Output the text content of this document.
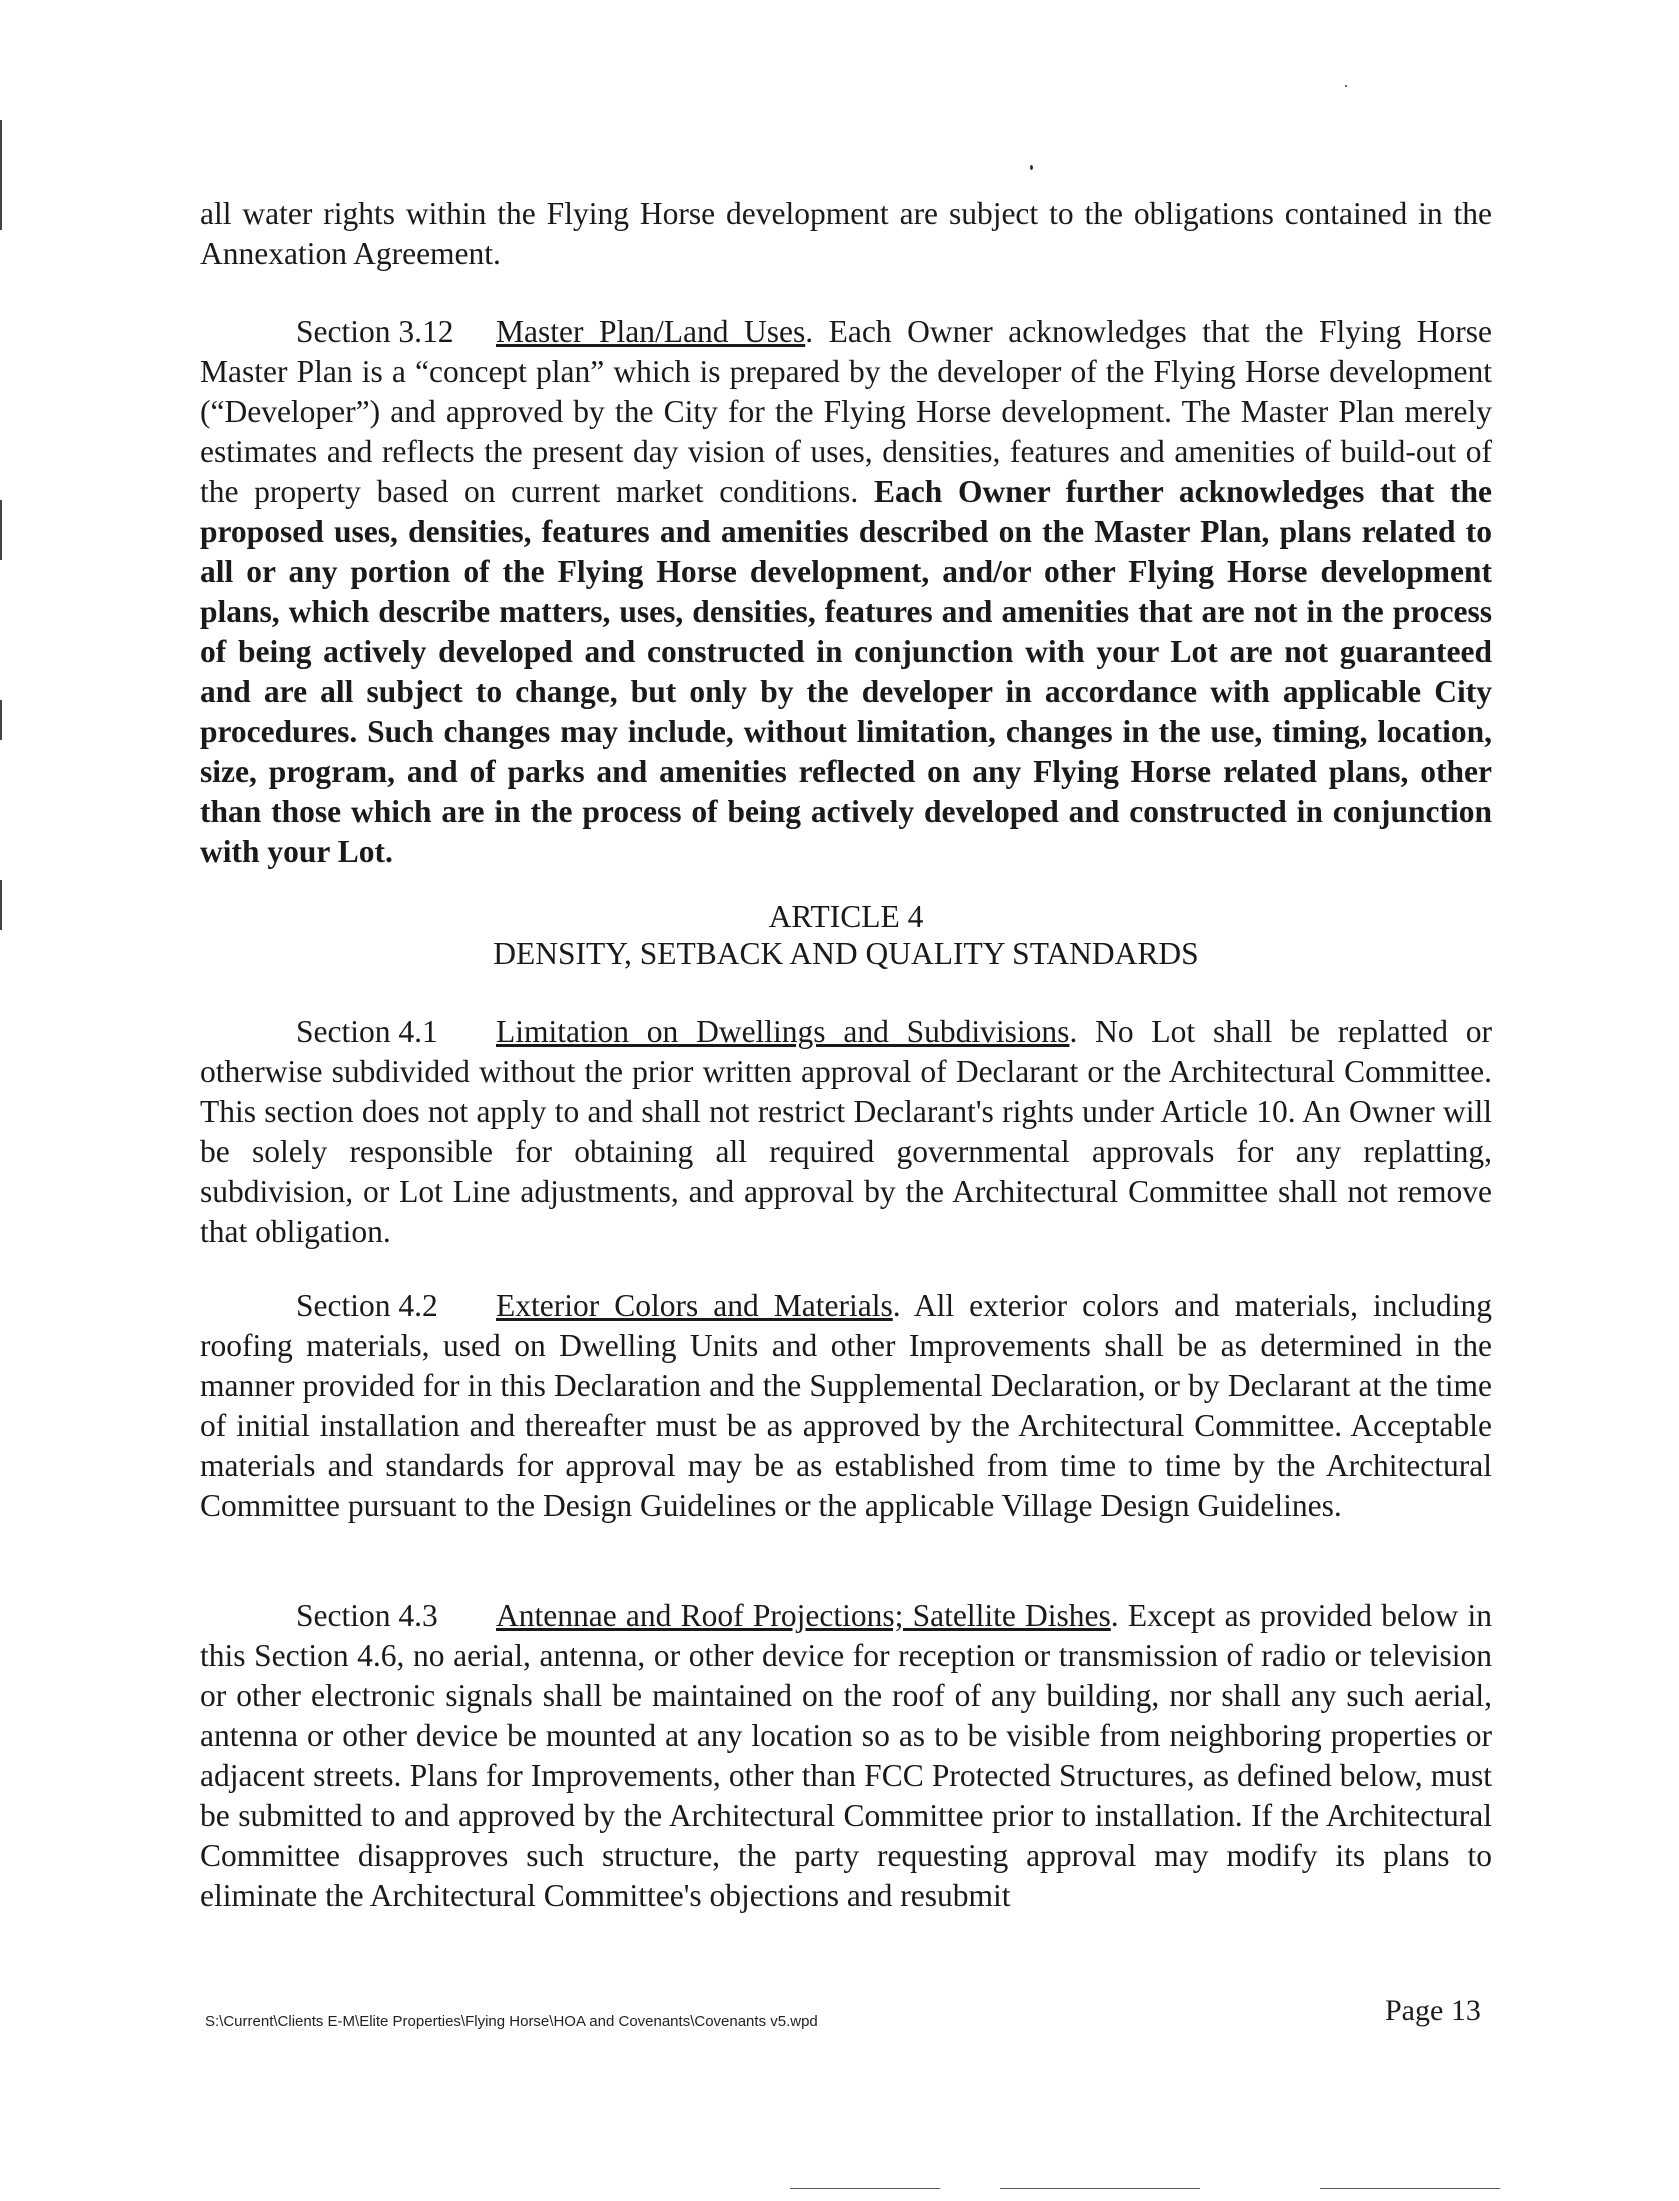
all water rights within the Flying Horse development are subject to the obligations contained in the Annexation Agreement.
Section 3.12 Master Plan/Land Uses. Each Owner acknowledges that the Flying Horse Master Plan is a “concept plan” which is prepared by the developer of the Flying Horse development (“Developer”) and approved by the City for the Flying Horse development. The Master Plan merely estimates and reflects the present day vision of uses, densities, features and amenities of build-out of the property based on current market conditions. Each Owner further acknowledges that the proposed uses, densities, features and amenities described on the Master Plan, plans related to all or any portion of the Flying Horse development, and/or other Flying Horse development plans, which describe matters, uses, densities, features and amenities that are not in the process of being actively developed and constructed in conjunction with your Lot are not guaranteed and are all subject to change, but only by the developer in accordance with applicable City procedures. Such changes may include, without limitation, changes in the use, timing, location, size, program, and of parks and amenities reflected on any Flying Horse related plans, other than those which are in the process of being actively developed and constructed in conjunction with your Lot.
ARTICLE 4
DENSITY, SETBACK AND QUALITY STANDARDS
Section 4.1 Limitation on Dwellings and Subdivisions. No Lot shall be replatted or otherwise subdivided without the prior written approval of Declarant or the Architectural Committee. This section does not apply to and shall not restrict Declarant's rights under Article 10. An Owner will be solely responsible for obtaining all required governmental approvals for any replatting, subdivision, or Lot Line adjustments, and approval by the Architectural Committee shall not remove that obligation.
Section 4.2 Exterior Colors and Materials. All exterior colors and materials, including roofing materials, used on Dwelling Units and other Improvements shall be as determined in the manner provided for in this Declaration and the Supplemental Declaration, or by Declarant at the time of initial installation and thereafter must be as approved by the Architectural Committee. Acceptable materials and standards for approval may be as established from time to time by the Architectural Committee pursuant to the Design Guidelines or the applicable Village Design Guidelines.
Section 4.3 Antennae and Roof Projections; Satellite Dishes. Except as provided below in this Section 4.6, no aerial, antenna, or other device for reception or transmission of radio or television or other electronic signals shall be maintained on the roof of any building, nor shall any such aerial, antenna or other device be mounted at any location so as to be visible from neighboring properties or adjacent streets. Plans for Improvements, other than FCC Protected Structures, as defined below, must be submitted to and approved by the Architectural Committee prior to installation. If the Architectural Committee disapproves such structure, the party requesting approval may modify its plans to eliminate the Architectural Committee's objections and resubmit
S:\Current\Clients E-M\Elite Properties\Flying Horse\HOA and Covenants\Covenants v5.wpd	Page 13
